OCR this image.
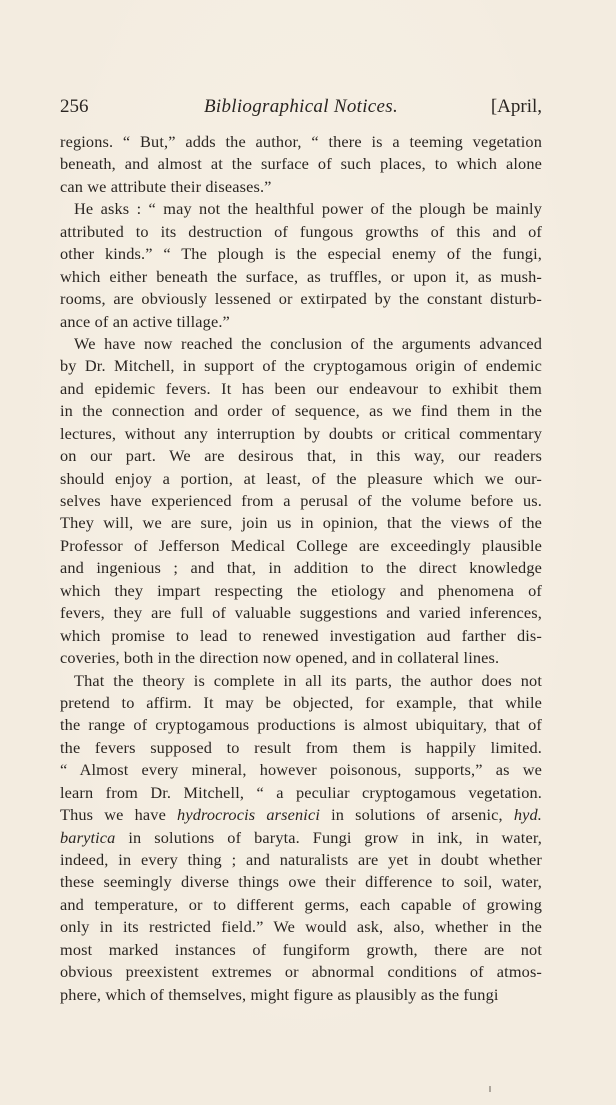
256	Bibliographical Notices.	[April,
regions. “ But,” adds the author, “ there is a teeming vegetation
beneath, and almost at the surface of such places, to which alone
can we attribute their diseases.”
He asks : “ may not the healthful power of the plough be mainly
attributed to its destruction of fungous growths of this and of
other kinds.” “ The plough is the especial enemy of the fungi,
which either beneath the surface, as truffles, or upon it, as mush-
rooms, are obviously lessened or extirpated by the constant disturb-
ance of an active tillage.”
We have now reached the conclusion of the arguments advanced
by Dr. Mitchell, in support of the cryptogamous origin of endemic
and epidemic fevers. It has been our endeavour to exhibit them
in the connection and order of sequence, as we find them in the
lectures, without any interruption by doubts or critical commentary
on our part. We are desirous that, in this way, our readers
should enjoy a portion, at least, of the pleasure which we our-
selves have experienced from a perusal of the volume before us.
They will, we are sure, join us in opinion, that the views of the
Professor of Jefferson Medical College are exceedingly plausible
and ingenious ; and that, in addition to the direct knowledge
which they impart respecting the etiology and phenomena of
fevers, they are full of valuable suggestions and varied inferences,
which promise to lead to renewed investigation aud farther dis-
coveries, both in the direction now opened, and in collateral lines.
That the theory is complete in all its parts, the author does not
pretend to affirm. It may be objected, for example, that while
the range of cryptogamous productions is almost ubiquitary, that of
the fevers supposed to result from them is happily limited.
“ Almost every mineral, however poisonous, supports,” as we
learn from Dr. Mitchell, “ a peculiar cryptogamous vegetation.
Thus we have hydrocrocis arsenici in solutions of arsenic, hyd.
barytica in solutions of baryta. Fungi grow in ink, in water,
indeed, in every thing ; and naturalists are yet in doubt whether
these seemingly diverse things owe their difference to soil, water,
and temperature, or to different germs, each capable of growing
only in its restricted field.” We would ask, also, whether in the
most marked instances of fungiform growth, there are not
obvious preexistent extremes or abnormal conditions of atmos-
phere, which of themselves, might figure as plausibly as the fungi
